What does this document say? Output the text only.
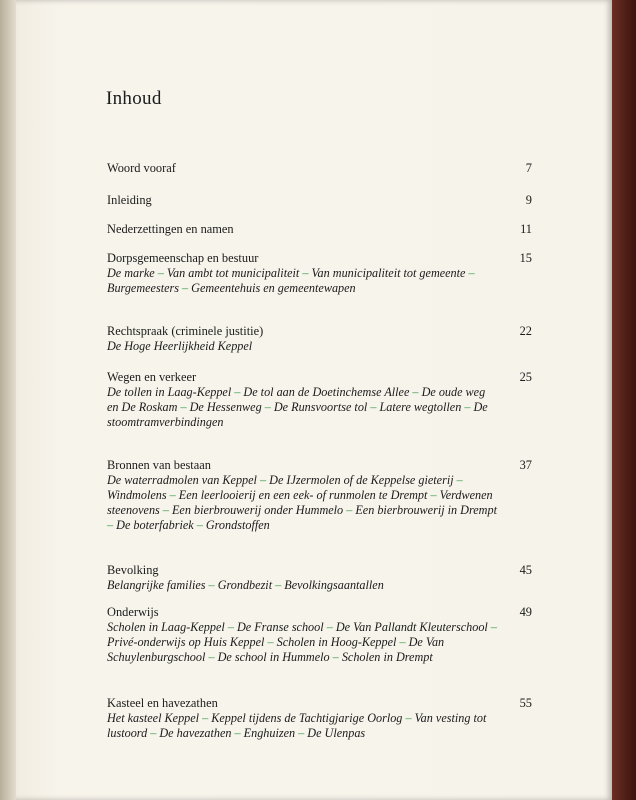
Inhoud
Woord vooraf	7
Inleiding	9
Nederzettingen en namen	11
Dorpsgemeenschap en bestuur	15
De marke – Van ambt tot municipaliteit – Van municipaliteit tot gemeente – Burgemeesters – Gemeentehuis en gemeentewapen
Rechtspraak (criminele justitie)	22
De Hoge Heerlijkheid Keppel
Wegen en verkeer	25
De tollen in Laag-Keppel – De tol aan de Doetinchemse Allee – De oude weg en De Roskam – De Hessenweg – De Runsvoortse tol – Latere wegtollen – De stoomtramverbindingen
Bronnen van bestaan	37
De waterradmolen van Keppel – De IJzermolen of de Keppelse gieterij – Windmolens – Een leerlooierij en een eek- of runmolen te Drempt – Verdwenen steenovens – Een bierbrouwerij onder Hummelo – Een bierbrouwerij in Drempt – De boterfabriek – Grondstoffen
Bevolking	45
Belangrijke families – Grondbezit – Bevolkingsaantallen
Onderwijs	49
Scholen in Laag-Keppel – De Franse school – De Van Pallandt Kleuterschool – Privé-onderwijs op Huis Keppel – Scholen in Hoog-Keppel – De Van Schuylenburgschool – De school in Hummelo – Scholen in Drempt
Kasteel en havezathen	55
Het kasteel Keppel – Keppel tijdens de Tachtigjarige Oorlog – Van vesting tot lustoord – De havezathen – Enghuizen – De Ulenpas
